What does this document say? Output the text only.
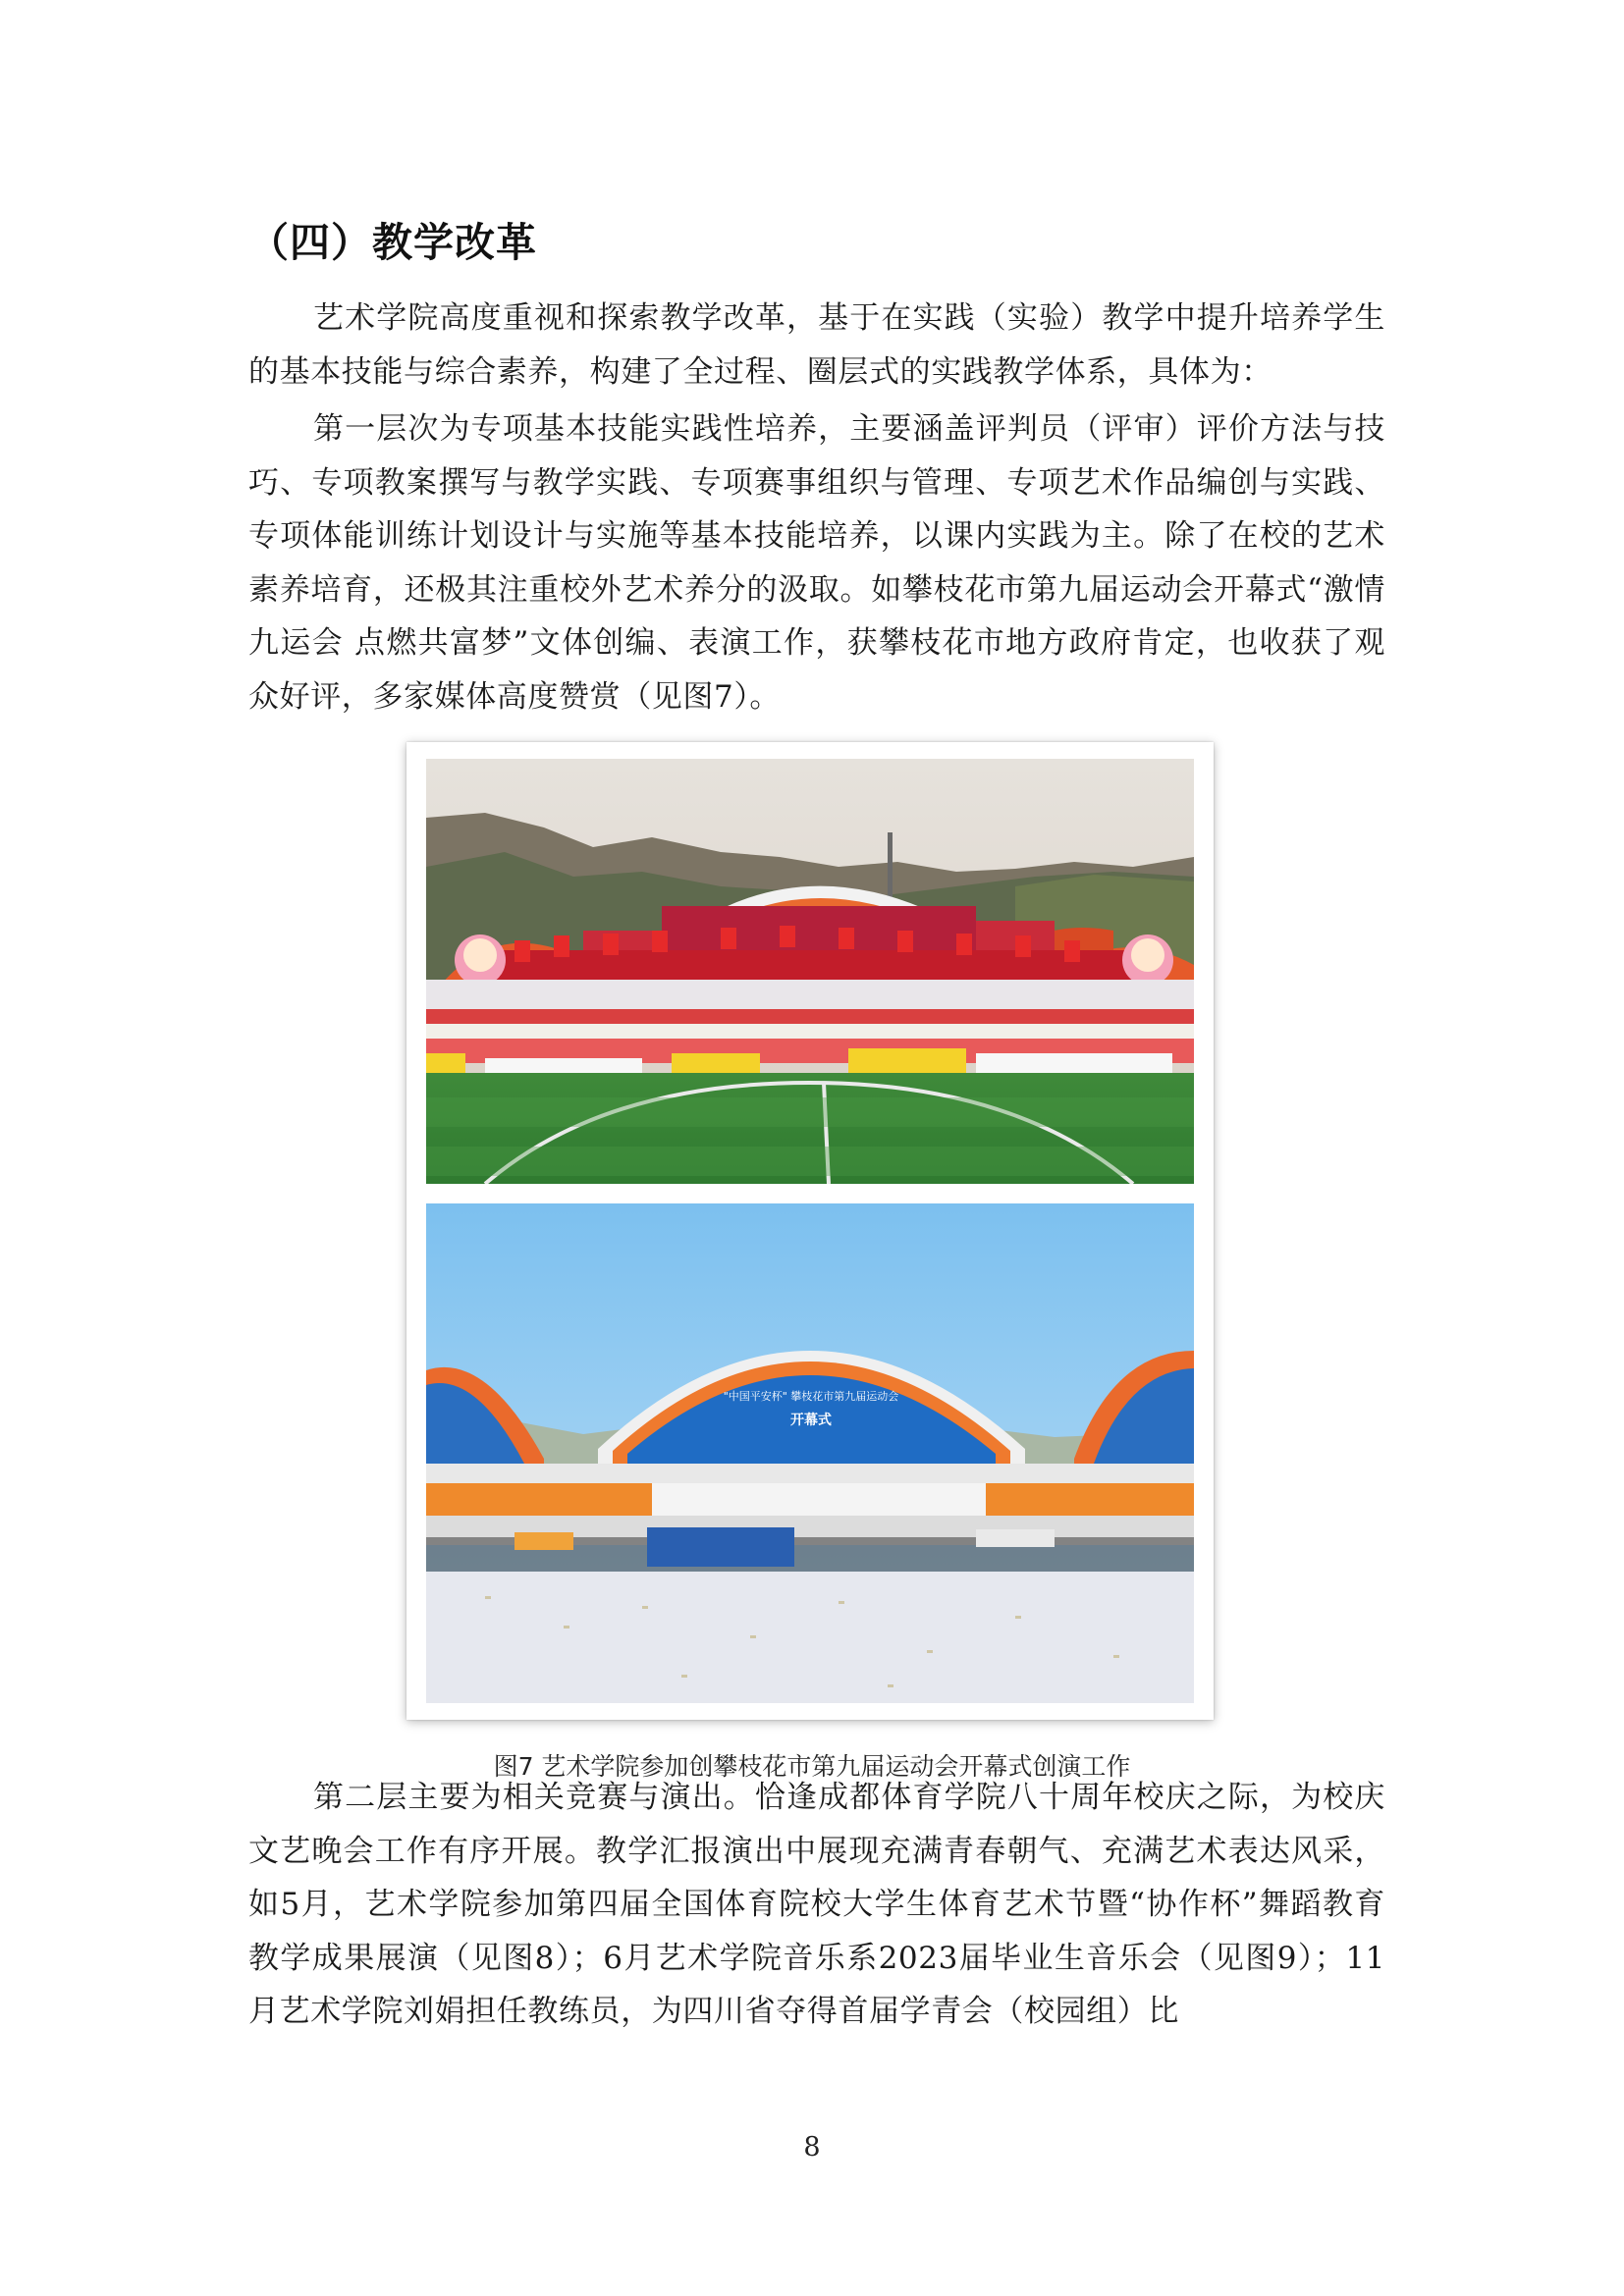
（四）教学改革

艺术学院高度重视和探索教学改革，基于在实践（实验）教学中提升培养学生的基本技能与综合素养，构建了全过程、圈层式的实践教学体系，具体为：

第一层次为专项基本技能实践性培养，主要涵盖评判员（评审）评价方法与技巧、专项教案撰写与教学实践、专项赛事组织与管理、专项艺术作品编创与实践、专项体能训练计划设计与实施等基本技能培养，以课内实践为主。除了在校的艺术素养培育，还极其注重校外艺术养分的汲取。如攀枝花市第九届运动会开幕式“激情九运会 点燃共富梦”文体创编、表演工作，获攀枝花市地方政府肯定，也收获了观众好评，多家媒体高度赞赏（见图7）。

"中国平安杯" 攀枝花市第九届运动会
开幕式
图7 艺术学院参加创攀枝花市第九届运动会开幕式创演工作

第二层主要为相关竞赛与演出。恰逢成都体育学院八十周年校庆之际，为校庆文艺晚会工作有序开展。教学汇报演出中展现充满青春朝气、充满艺术表达风采，如5月，艺术学院参加第四届全国体育院校大学生体育艺术节暨“协作杯”舞蹈教育教学成果展演（见图8）；6月艺术学院音乐系2023届毕业生音乐会（见图9）；11月艺术学院刘娟担任教练员，为四川省夺得首届学青会（校园组）比

8
